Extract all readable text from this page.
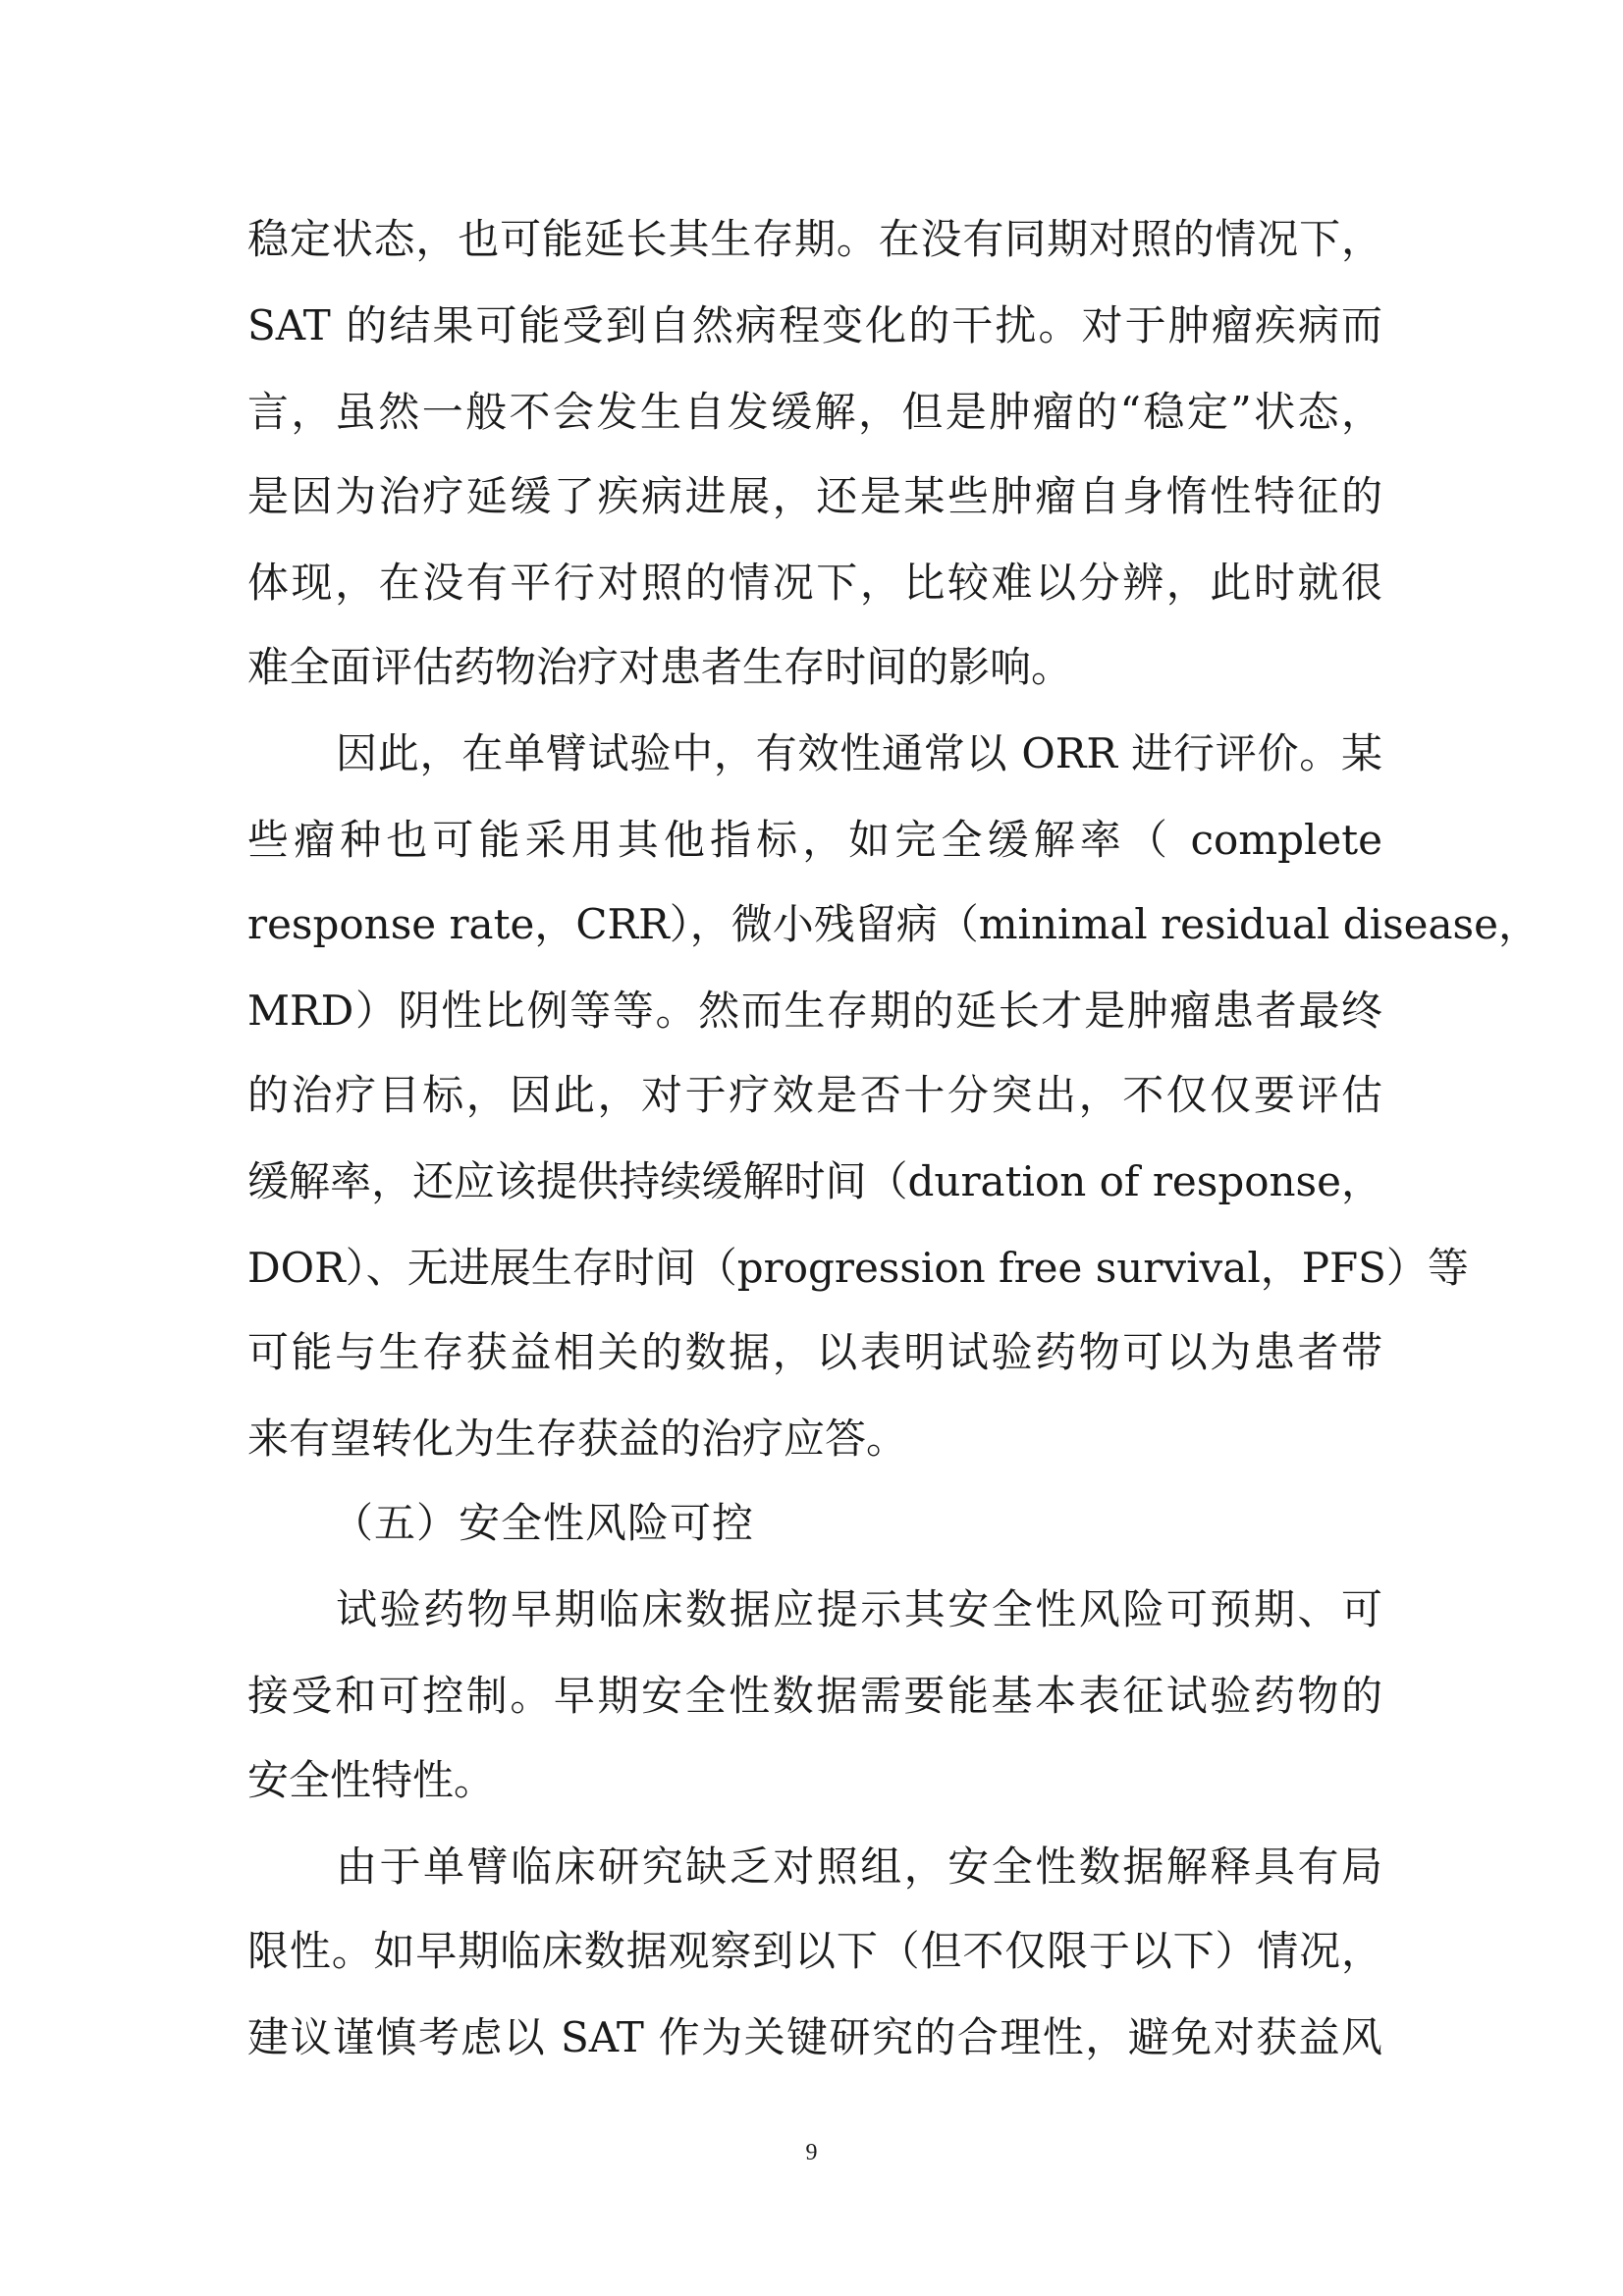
稳定状态，也可能延长其生存期。在没有同期对照的情况下，
SAT 的结果可能受到自然病程变化的干扰。对于肿瘤疾病而
言，虽然一般不会发生自发缓解，但是肿瘤的“稳定”状态，
是因为治疗延缓了疾病进展，还是某些肿瘤自身惰性特征的
体现，在没有平行对照的情况下，比较难以分辨，此时就很
难全面评估药物治疗对患者生存时间的影响。
因此，在单臂试验中，有效性通常以 ORR 进行评价。某
些瘤种也可能采用其他指标，如完全缓解率（ complete
response rate，CRR），微小残留病（minimal residual disease，
MRD）阴性比例等等。然而生存期的延长才是肿瘤患者最终
的治疗目标，因此，对于疗效是否十分突出，不仅仅要评估
缓解率，还应该提供持续缓解时间（duration of response，
DOR）、无进展生存时间（progression free survival，PFS）等
可能与生存获益相关的数据，以表明试验药物可以为患者带
来有望转化为生存获益的治疗应答。
（五）安全性风险可控
试验药物早期临床数据应提示其安全性风险可预期、可
接受和可控制。早期安全性数据需要能基本表征试验药物的
安全性特性。
由于单臂临床研究缺乏对照组，安全性数据解释具有局
限性。如早期临床数据观察到以下（但不仅限于以下）情况，
建议谨慎考虑以 SAT 作为关键研究的合理性，避免对获益风
9
